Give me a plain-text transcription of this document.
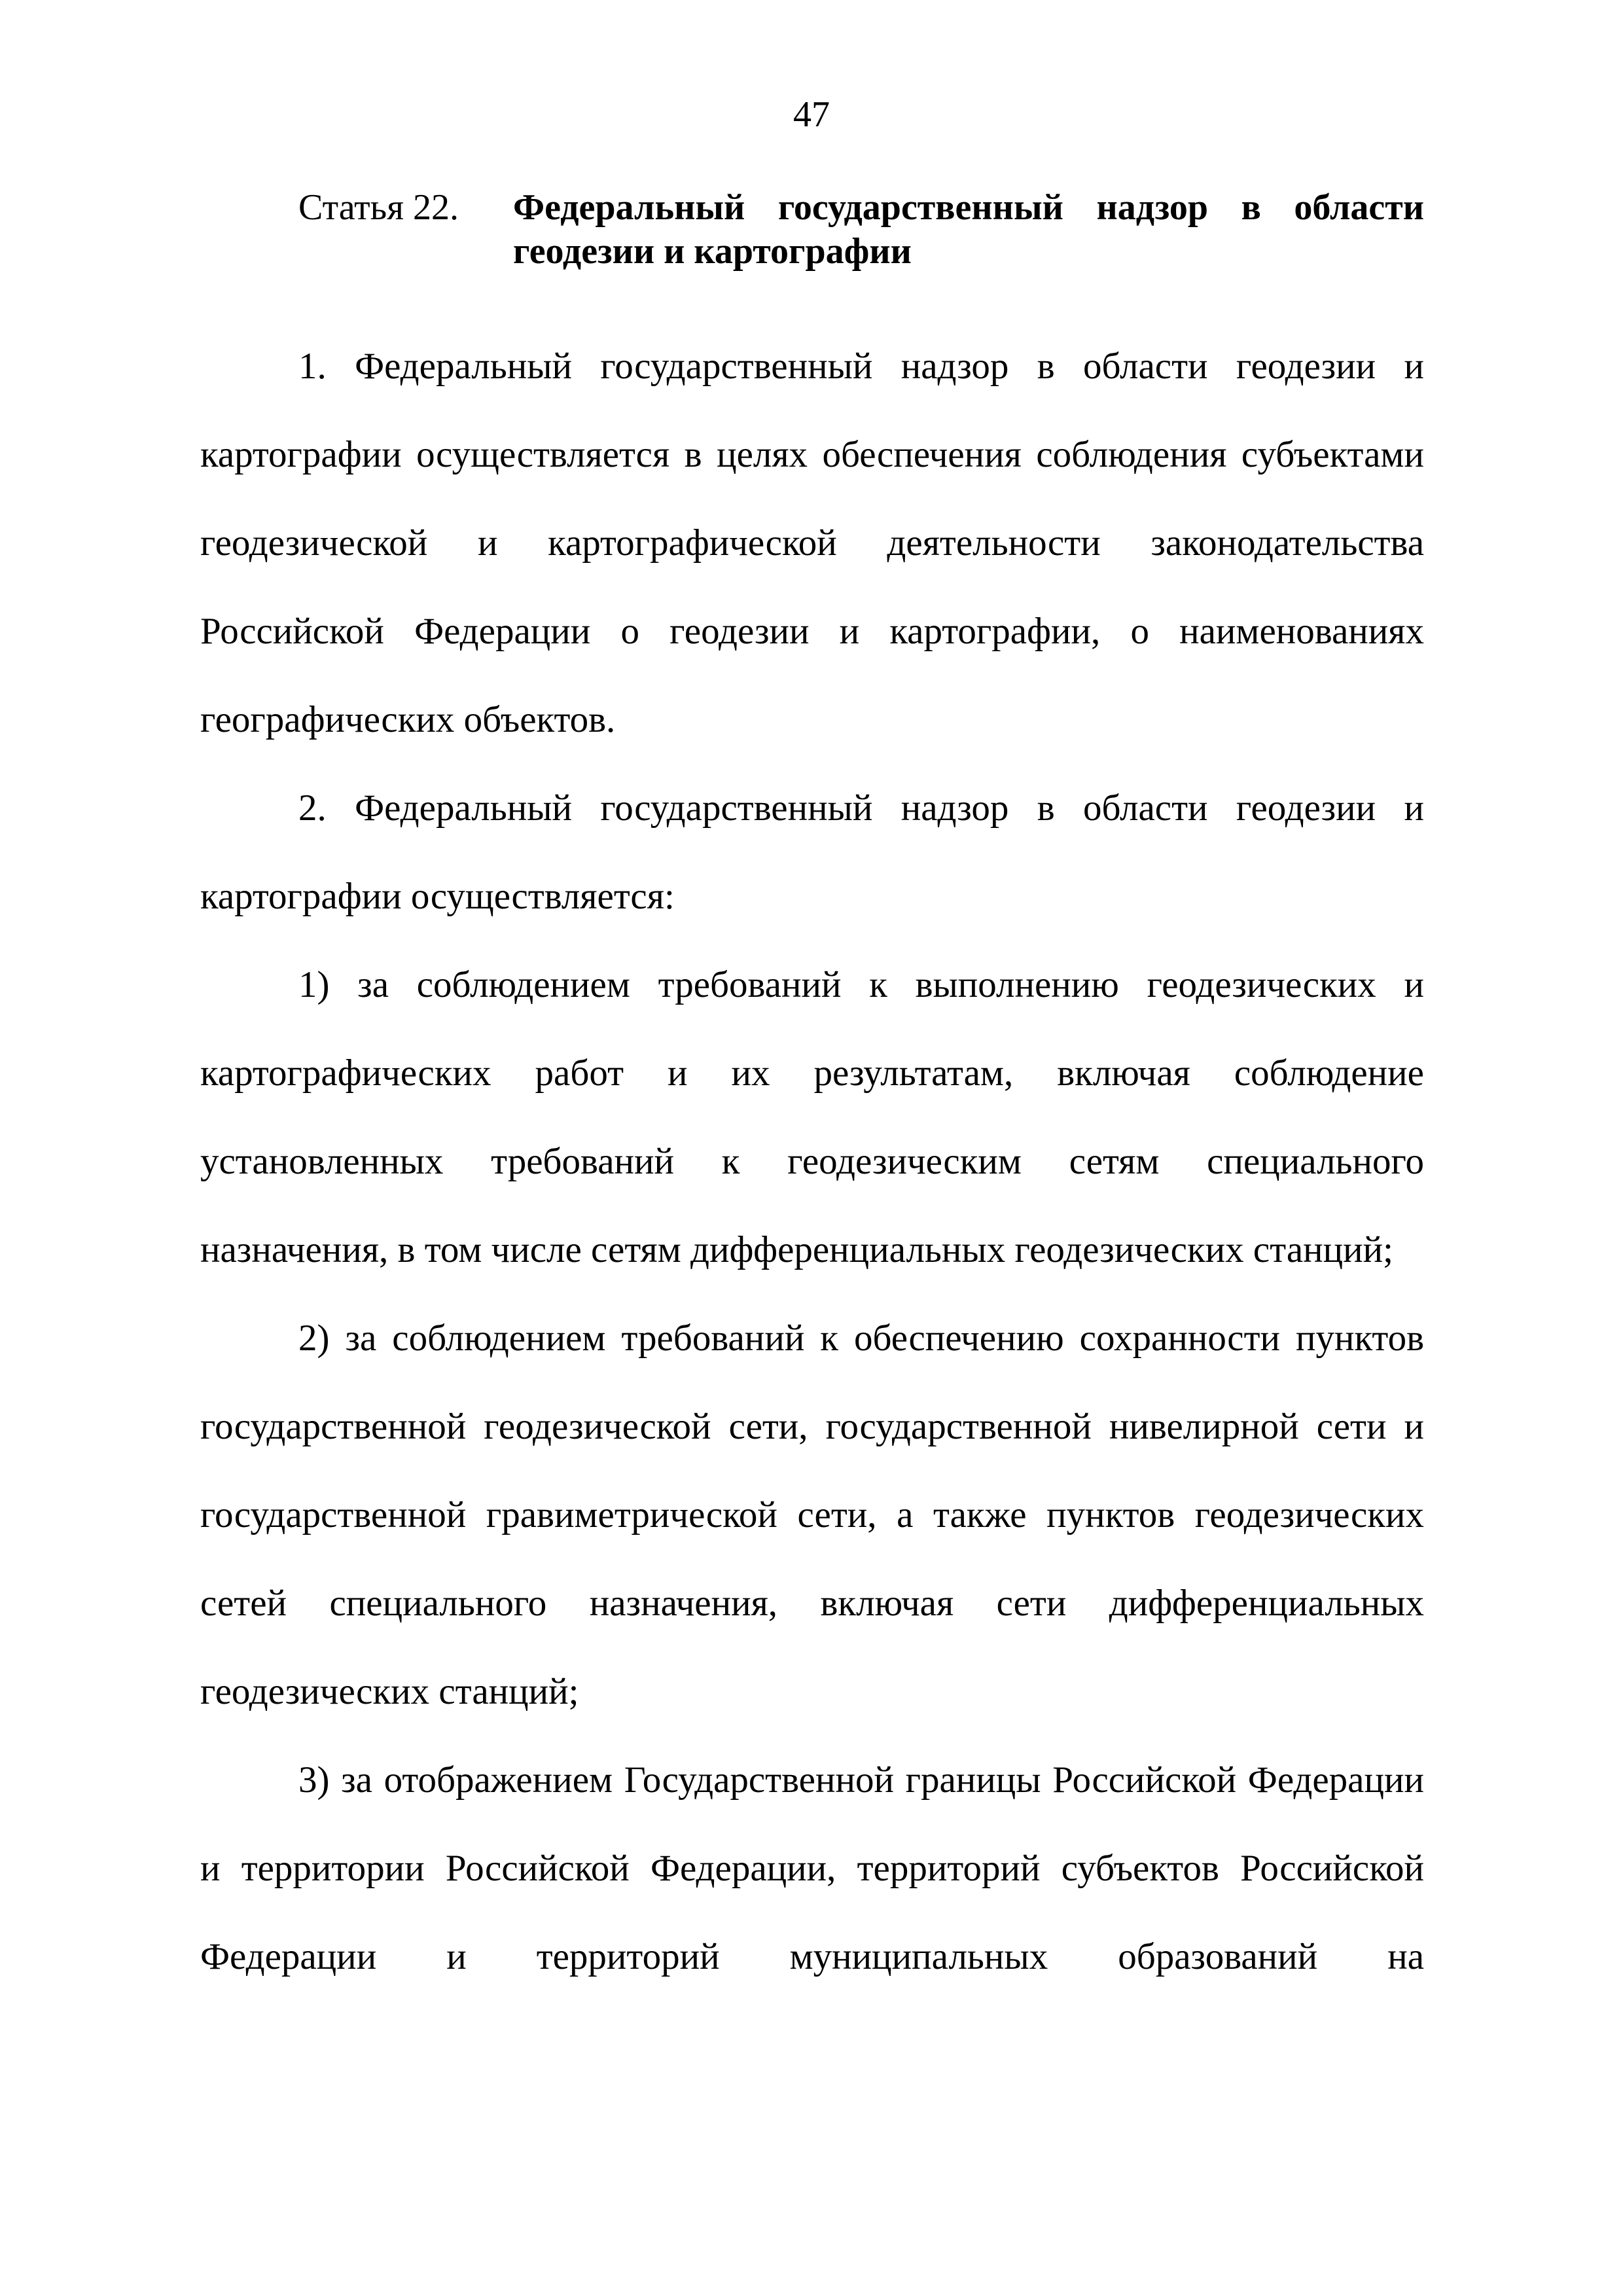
47
Статья 22. Федеральный государственный надзор в области геодезии и картографии

1. Федеральный государственный надзор в области геодезии и картографии осуществляется в целях обеспечения соблюдения субъектами геодезической и картографической деятельности законодательства Российской Федерации о геодезии и картографии, о наименованиях географических объектов.

2. Федеральный государственный надзор в области геодезии и картографии осуществляется:

1) за соблюдением требований к выполнению геодезических и картографических работ и их результатам, включая соблюдение установленных требований к геодезическим сетям специального назначения, в том числе сетям дифференциальных геодезических станций;

2) за соблюдением требований к обеспечению сохранности пунктов государственной геодезической сети, государственной нивелирной сети и государственной гравиметрической сети, а также пунктов геодезических сетей специального назначения, включая сети дифференциальных геодезических станций;

3) за отображением Государственной границы Российской Федерации и территории Российской Федерации, территорий субъектов Российской Федерации и территорий муниципальных образований на
